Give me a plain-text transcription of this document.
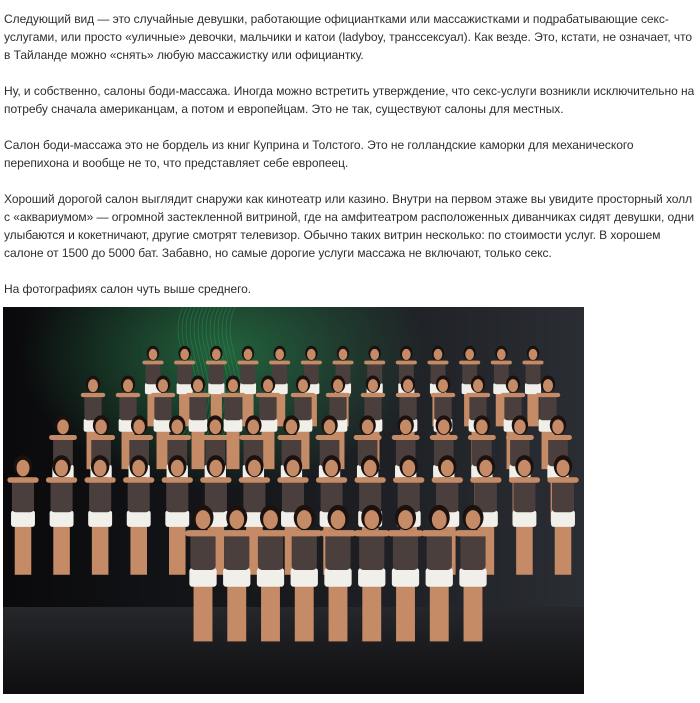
Следующий вид — это случайные девушки, работающие официантками или массажистками и подрабатывающие секс-услугами, или просто «уличные» девочки, мальчики и катои (ladyboy, транссексуал). Как везде. Это, кстати, не означает, что в Тайланде можно «снять» любую массажистку или официантку.

Ну, и собственно, салоны боди-массажа. Иногда можно встретить утверждение, что секс-услуги возникли исключительно на потребу сначала американцам, а потом и европейцам. Это не так, существуют салоны для местных.

Салон боди-массажа это не бордель из книг Куприна и Толстого. Это не голландские каморки для механического перепихона и вообще не то, что представляет себе европеец.

Хороший дорогой салон выглядит снаружи как кинотеатр или казино. Внутри на первом этаже вы увидите просторный холл с «аквариумом» — огромной застекленной витриной, где на амфитеатром расположенных диванчиках сидят девушки, одни улыбаются и кокетничают, другие смотрят телевизор. Обычно таких витрин несколько: по стоимости услуг. В хорошем салоне от 1500 до 5000 бат. Забавно, но самые дорогие услуги массажа не включают, только секс.

На фотографиях салон чуть выше среднего.
